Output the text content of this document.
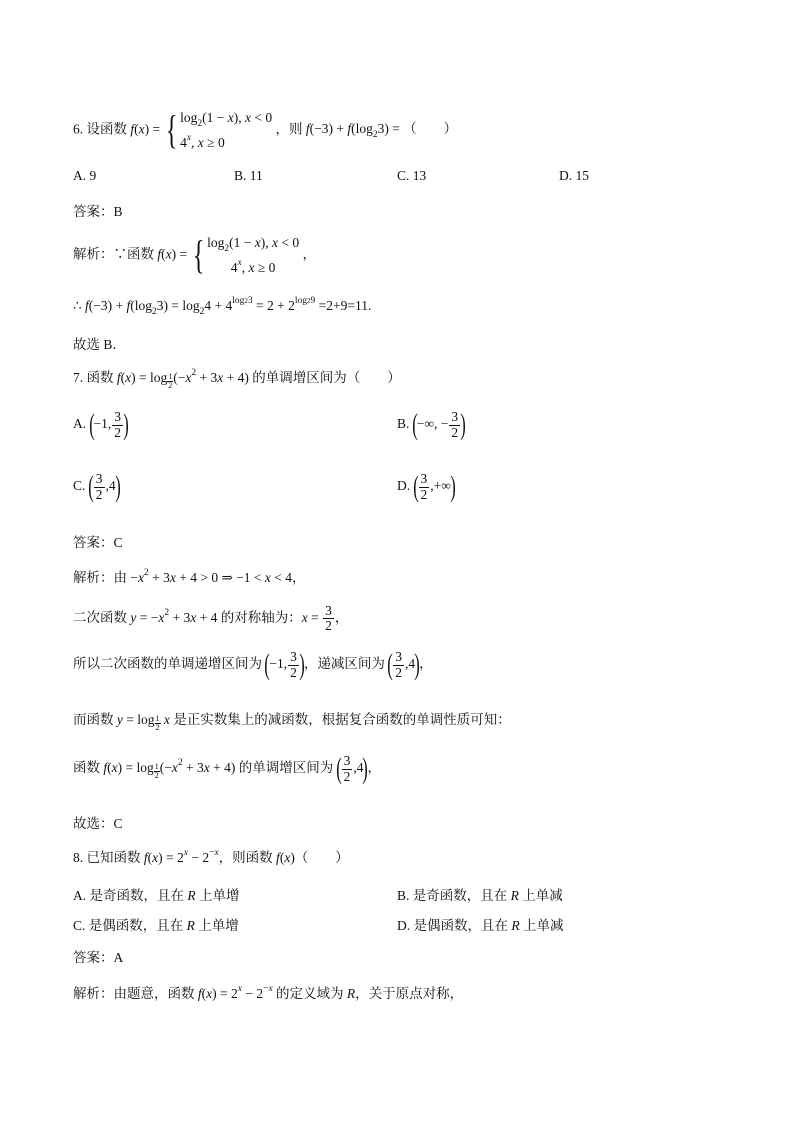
6. 设函数 f(x) = { $\log_2(1 - x)$, x < 0
4$^x$, x ≥ 0
，则 $f(-3) + f(\log_23)$ = （　　）
A. 9	B. 11	C. 13	D. 15
答案：B
解析：∵函数 f(x) = { $\log_2(1 - x)$, x < 0
4$^x$, x ≥ 0
，
∴ $f(-3) + f(\log_23) = \log_24 + 4^{log23} = 2 + 2^{log29} =2+9=11$.
故选 B．
7. 函数 $f(x) = \log \frac{1}{2} (-x^2 + 3x + 4)$ 的单调增区间为（　　）
A. (−1, $\frac{3}{2}$ )	B. (−∞, − $\frac{3}{2}$ )
C. ( $\frac{3}{2} ,4$)	D. ( $\frac{3}{2}$ ,+∞)
答案：C
解析：由 $-x^2 + 3x + 4 > 0$ ⇒ −1 < x < 4，
二次函数 $y = -x^2 + 3x + 4$ 的对称轴为：$x = \frac{3}{2}$ ，
所以二次函数的单调递增区间为 (−1, $\frac{3}{2}$ )，递减区间为 ( $\frac{3}{2} ,4$)，
而函数 $y = \log \frac{1}{2}$ x 是正实数集上的减函数，根据复合函数的单调性质可知：
函数 $f(x) = \log \frac{1}{2} (-x^2 + 3x + 4)$ 的单调增区间为 ( $\frac{3}{2} ,4$)，
故选：C
8. 已知函数 $f(x) = 2^x - 2^{-x}$，则函数 f(x)（　　）
A. 是奇函数，且在 R 上单增	B. 是奇函数，且在 R 上单减
C. 是偶函数，且在 R 上单增	D. 是偶函数，且在 R 上单减
答案：A
解析：由题意，函数 $f(x) = 2^x - 2^{-x}$ 的定义域为 R，关于原点对称，
